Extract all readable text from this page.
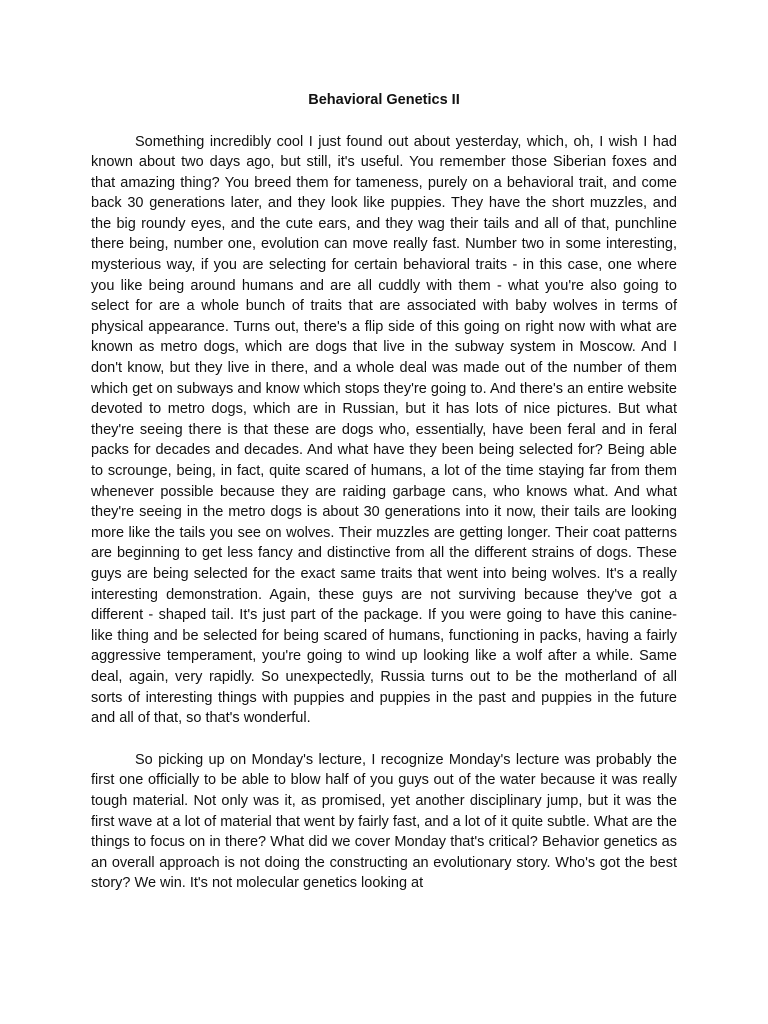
Behavioral Genetics II

Something incredibly cool I just found out about yesterday, which, oh, I wish I had known about two days ago, but still, it's useful. You remember those Siberian foxes and that amazing thing? You breed them for tameness, purely on a behavioral trait, and come back 30 generations later, and they look like puppies. They have the short muzzles, and the big roundy eyes, and the cute ears, and they wag their tails and all of that, punchline there being, number one, evolution can move really fast. Number two in some interesting, mysterious way, if you are selecting for certain behavioral traits - in this case, one where you like being around humans and are all cuddly with them - what you're also going to select for are a whole bunch of traits that are associated with baby wolves in terms of physical appearance. Turns out, there's a flip side of this going on right now with what are known as metro dogs, which are dogs that live in the subway system in Moscow. And I don't know, but they live in there, and a whole deal was made out of the number of them which get on subways and know which stops they're going to. And there's an entire website devoted to metro dogs, which are in Russian, but it has lots of nice pictures. But what they're seeing there is that these are dogs who, essentially, have been feral and in feral packs for decades and decades. And what have they been being selected for? Being able to scrounge, being, in fact, quite scared of humans, a lot of the time staying far from them whenever possible because they are raiding garbage cans, who knows what. And what they're seeing in the metro dogs is about 30 generations into it now, their tails are looking more like the tails you see on wolves. Their muzzles are getting longer. Their coat patterns are beginning to get less fancy and distinctive from all the different strains of dogs. These guys are being selected for the exact same traits that went into being wolves. It's a really interesting demonstration. Again, these guys are not surviving because they've got a different - shaped tail. It's just part of the package. If you were going to have this canine-like thing and be selected for being scared of humans, functioning in packs, having a fairly aggressive temperament, you're going to wind up looking like a wolf after a while. Same deal, again, very rapidly. So unexpectedly, Russia turns out to be the motherland of all sorts of interesting things with puppies and puppies in the past and puppies in the future and all of that, so that's wonderful.

So picking up on Monday's lecture, I recognize Monday's lecture was probably the first one officially to be able to blow half of you guys out of the water because it was really tough material. Not only was it, as promised, yet another disciplinary jump, but it was the first wave at a lot of material that went by fairly fast, and a lot of it quite subtle. What are the things to focus on in there? What did we cover Monday that's critical? Behavior genetics as an overall approach is not doing the constructing an evolutionary story. Who's got the best story? We win. It's not molecular genetics looking at
